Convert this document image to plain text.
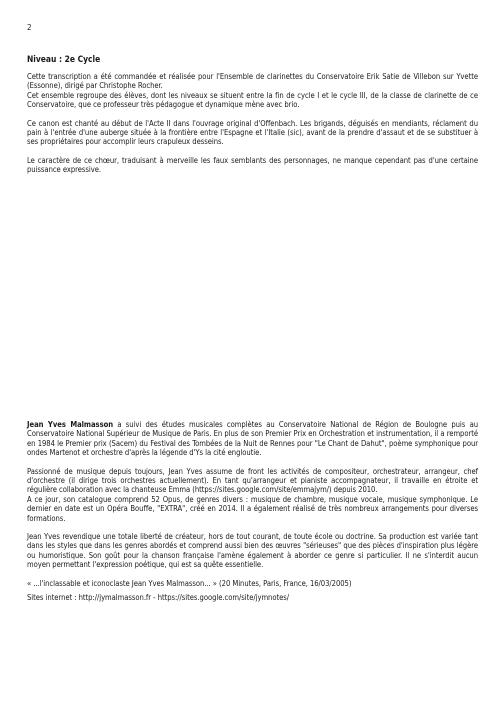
2
Niveau : 2e Cycle

Cette transcription a été commandée et réalisée pour l'Ensemble de clarinettes du Conservatoire Erik Satie de Villebon sur Yvette (Essonne), dirigé par Christophe Rocher.

Cet ensemble regroupe des élèves, dont les niveaux se situent entre la fin de cycle I et le cycle III, de la classe de clarinette de ce Conservatoire, que ce professeur très pédagogue et dynamique mène avec brio.

Ce canon est chanté au début de l'Acte II dans l'ouvrage original d'Offenbach. Les brigands, déguisés en mendiants, réclament du pain à l'entrée d'une auberge située à la frontière entre l'Espagne et l'Italie (sic), avant de la prendre d'assaut et de se substituer à ses propriétaires pour accomplir leurs crapuleux desseins.

Le caractère de ce chœur, traduisant à merveille les faux semblants des personnages, ne manque cependant pas d'une certaine puissance expressive.

Jean Yves Malmasson a suivi des études musicales complètes au Conservatoire National de Région de Boulogne puis au Conservatoire National Supérieur de Musique de Paris. En plus de son Premier Prix en Orchestration et instrumentation, il a remporté en 1984 le Premier prix (Sacem) du Festival des Tombées de la Nuit de Rennes pour "Le Chant de Dahut", poème symphonique pour ondes Martenot et orchestre d'après la légende d'Ys la cité engloutie.

Passionné de musique depuis toujours, Jean Yves assume de front les activités de compositeur, orchestrateur, arrangeur, chef d'orchestre (il dirige trois orchestres actuellement). En tant qu'arrangeur et pianiste accompagnateur, il travaille en étroite et régulière collaboration avec la chanteuse Emma (https://sites.google.com/site/emmajym/) depuis 2010.

A ce jour, son catalogue comprend 52 Opus, de genres divers : musique de chambre, musique vocale, musique symphonique. Le dernier en date est un Opéra Bouffe, "EXTRA", créé en 2014. Il a également réalisé de très nombreux arrangements pour diverses formations.

Jean Yves revendique une totale liberté de créateur, hors de tout courant, de toute école ou doctrine. Sa production est variée tant dans les styles que dans les genres abordés et comprend aussi bien des œuvres "sérieuses" que des pièces d'inspiration plus légère ou humoristique. Son goût pour la chanson française l'amène également à aborder ce genre si particulier. Il ne s'interdit aucun moyen permettant l'expression poétique, qui est sa quête essentielle.

« ...l'inclassable et iconoclaste Jean Yves Malmasson... » (20 Minutes, Paris, France, 16/03/2005)

Sites internet : http://jymalmasson.fr - https://sites.google.com/site/jymnotes/
